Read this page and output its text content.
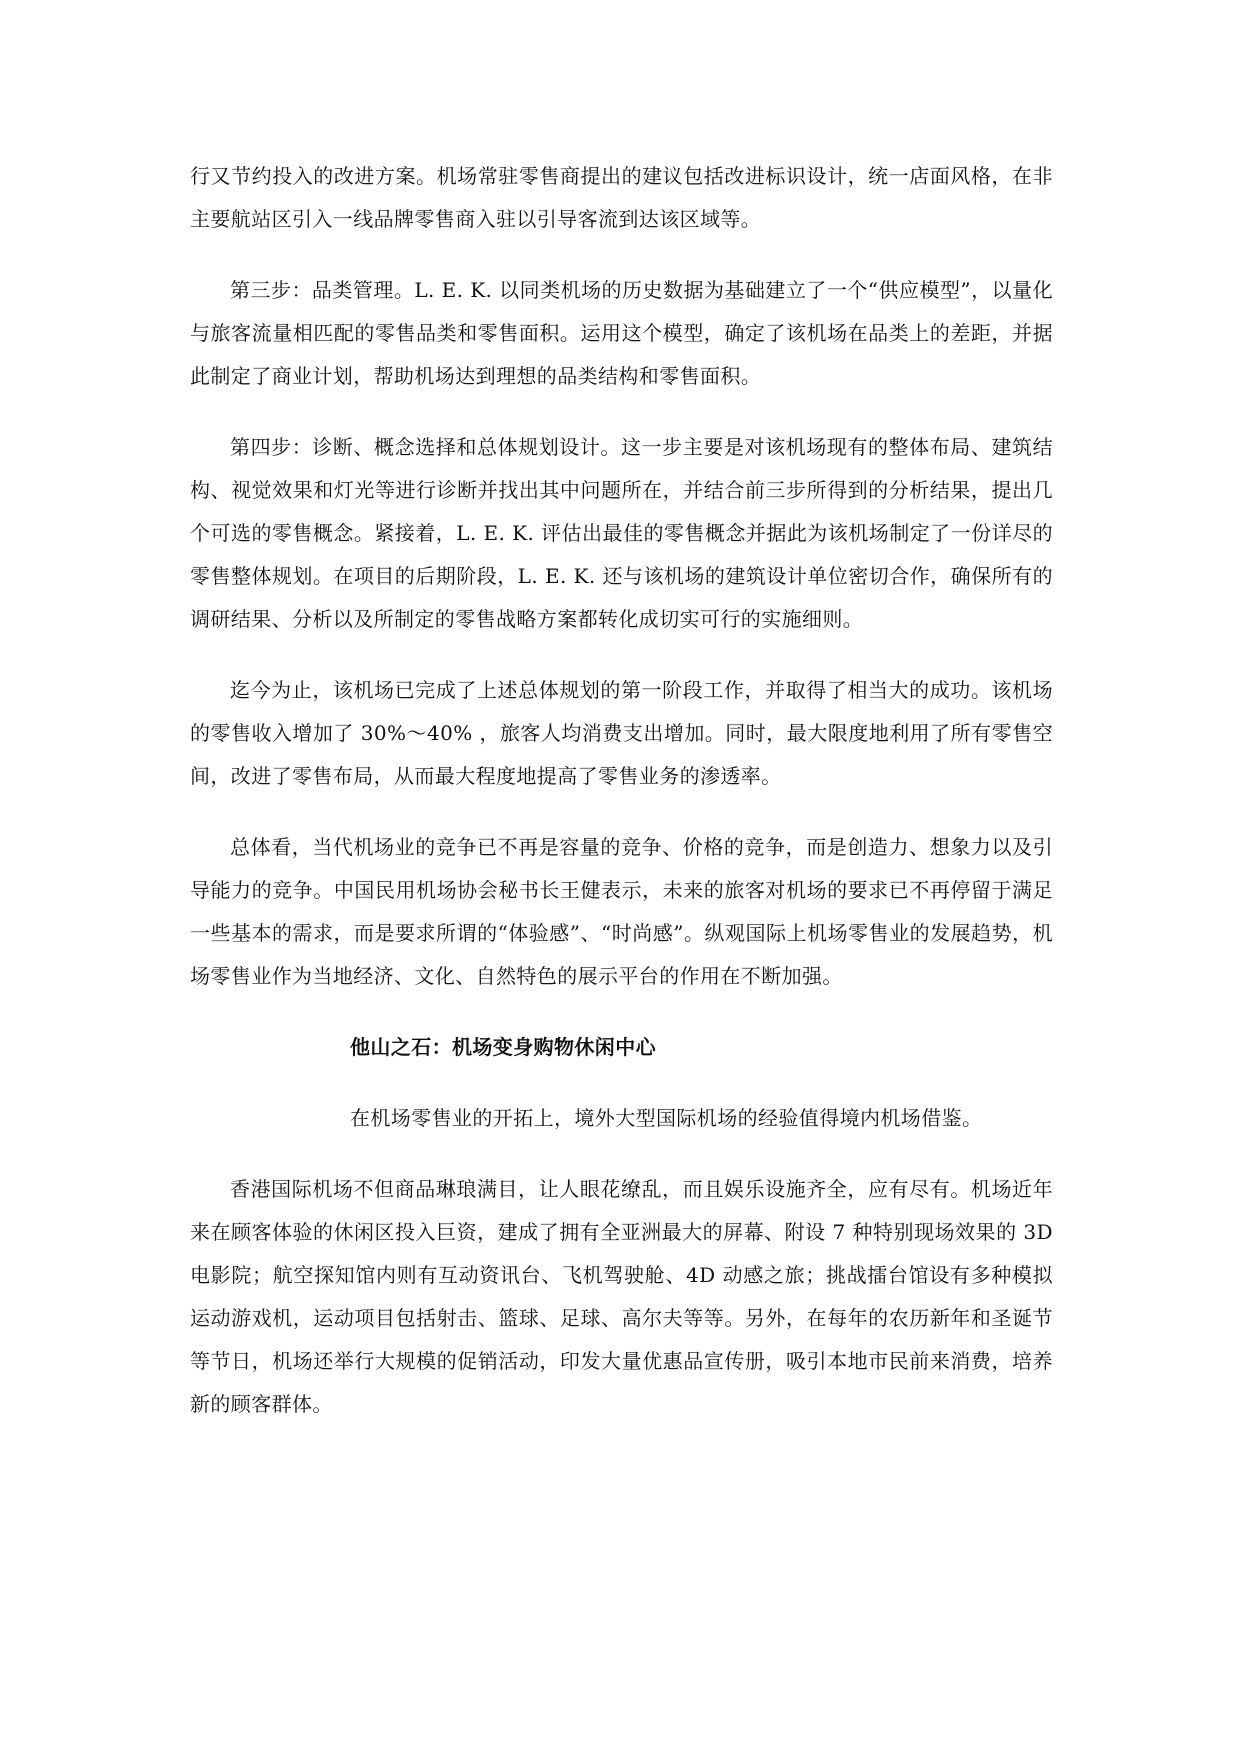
行又节约投入的改进方案。机场常驻零售商提出的建议包括改进标识设计，统一店面风格，在非主要航站区引入一线品牌零售商入驻以引导客流到达该区域等。

第三步：品类管理。L. E. K. 以同类机场的历史数据为基础建立了一个“供应模型”，以量化与旅客流量相匹配的零售品类和零售面积。运用这个模型，确定了该机场在品类上的差距，并据此制定了商业计划，帮助机场达到理想的品类结构和零售面积。

第四步：诊断、概念选择和总体规划设计。这一步主要是对该机场现有的整体布局、建筑结构、视觉效果和灯光等进行诊断并找出其中问题所在，并结合前三步所得到的分析结果，提出几个可选的零售概念。紧接着，L. E. K. 评估出最佳的零售概念并据此为该机场制定了一份详尽的零售整体规划。在项目的后期阶段，L. E. K. 还与该机场的建筑设计单位密切合作，确保所有的调研结果、分析以及所制定的零售战略方案都转化成切实可行的实施细则。

迄今为止，该机场已完成了上述总体规划的第一阶段工作，并取得了相当大的成功。该机场的零售收入增加了 30%～40% ，旅客人均消费支出增加。同时，最大限度地利用了所有零售空间，改进了零售布局，从而最大程度地提高了零售业务的渗透率。

总体看，当代机场业的竞争已不再是容量的竞争、价格的竞争，而是创造力、想象力以及引导能力的竞争。中国民用机场协会秘书长王健表示，未来的旅客对机场的要求已不再停留于满足一些基本的需求，而是要求所谓的“体验感”、“时尚感”。纵观国际上机场零售业的发展趋势，机场零售业作为当地经济、文化、自然特色的展示平台的作用在不断加强。

他山之石：机场变身购物休闲中心

在机场零售业的开拓上，境外大型国际机场的经验值得境内机场借鉴。

香港国际机场不但商品琳琅满目，让人眼花缭乱，而且娱乐设施齐全，应有尽有。机场近年来在顾客体验的休闲区投入巨资，建成了拥有全亚洲最大的屏幕、附设 7 种特别现场效果的 3D 电影院；航空探知馆内则有互动资讯台、飞机驾驶舱、4D 动感之旅；挑战擂台馆设有多种模拟运动游戏机，运动项目包括射击、篮球、足球、高尔夫等等。另外，在每年的农历新年和圣诞节等节日，机场还举行大规模的促销活动，印发大量优惠品宣传册，吸引本地市民前来消费，培养新的顾客群体。
